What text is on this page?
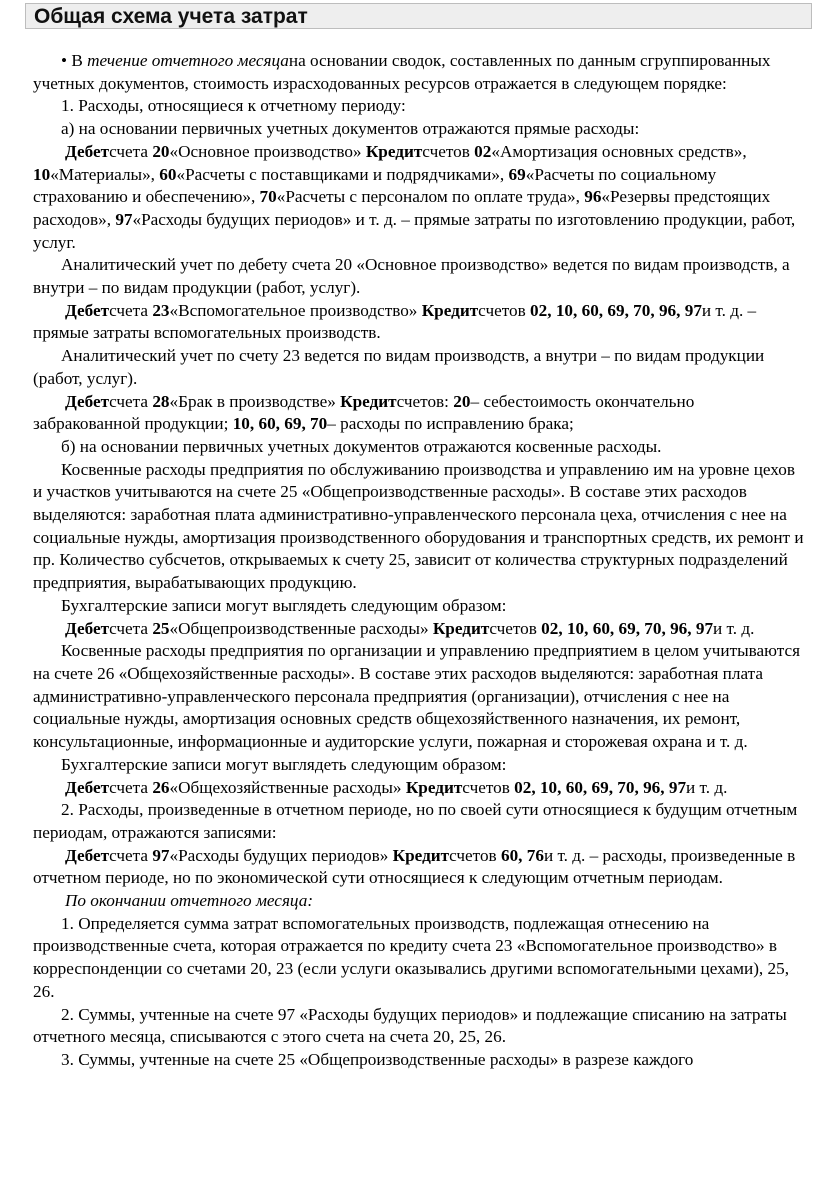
Общая схема учета затрат

• В течение отчетного месяцана основании сводок, составленных по данным сгруппированных учетных документов, стоимость израсходованных ресурсов отражается в следующем порядке:

1. Расходы, относящиеся к отчетному периоду:

а) на основании первичных учетных документов отражаются прямые расходы:

Дебетсчета 20«Основное производство» Кредитсчетов 02«Амортизация основных средств», 10«Материалы», 60«Расчеты с поставщиками и подрядчиками», 69«Расчеты по социальному страхованию и обеспечению», 70«Расчеты с персоналом по оплате труда», 96«Резервы предстоящих расходов», 97«Расходы будущих периодов» и т. д. – прямые затраты по изготовлению продукции, работ, услуг.

Аналитический учет по дебету счета 20 «Основное производство» ведется по видам производств, а внутри – по видам продукции (работ, услуг).

Дебетсчета 23«Вспомогательное производство» Кредитсчетов 02, 10, 60, 69, 70, 96, 97и т. д. – прямые затраты вспомогательных производств.

Аналитический учет по счету 23 ведется по видам производств, а внутри – по видам продукции (работ, услуг).

Дебетсчета 28«Брак в производстве» Кредитсчетов: 20– себестоимость окончательно забракованной продукции; 10, 60, 69, 70– расходы по исправлению брака;

б) на основании первичных учетных документов отражаются косвенные расходы.

Косвенные расходы предприятия по обслуживанию производства и управлению им на уровне цехов и участков учитываются на счете 25 «Общепроизводственные расходы». В составе этих расходов выделяются: заработная плата административно-управленческого персонала цеха, отчисления с нее на социальные нужды, амортизация производственного оборудования и транспортных средств, их ремонт и пр. Количество субсчетов, открываемых к счету 25, зависит от количества структурных подразделений предприятия, вырабатывающих продукцию.

Бухгалтерские записи могут выглядеть следующим образом:

Дебетсчета 25«Общепроизводственные расходы» Кредитсчетов 02, 10, 60, 69, 70, 96, 97и т. д.

Косвенные расходы предприятия по организации и управлению предприятием в целом учитываются на счете 26 «Общехозяйственные расходы». В составе этих расходов выделяются: заработная плата административно-управленческого персонала предприятия (организации), отчисления с нее на социальные нужды, амортизация основных средств общехозяйственного назначения, их ремонт, консультационные, информационные и аудиторские услуги, пожарная и сторожевая охрана и т. д.

Бухгалтерские записи могут выглядеть следующим образом:

Дебетсчета 26«Общехозяйственные расходы» Кредитсчетов 02, 10, 60, 69, 70, 96, 97и т. д.

2. Расходы, произведенные в отчетном периоде, но по своей сути относящиеся к будущим отчетным периодам, отражаются записями:

Дебетсчета 97«Расходы будущих периодов» Кредитсчетов 60, 76и т. д. – расходы, произведенные в отчетном периоде, но по экономической сути относящиеся к следующим отчетным периодам.

По окончании отчетного месяца:

1. Определяется сумма затрат вспомогательных производств, подлежащая отнесению на производственные счета, которая отражается по кредиту счета 23 «Вспомогательное производство» в корреспонденции со счетами 20, 23 (если услуги оказывались другими вспомогательными цехами), 25, 26.

2. Суммы, учтенные на счете 97 «Расходы будущих периодов» и подлежащие списанию на затраты отчетного месяца, списываются с этого счета на счета 20, 25, 26.

3. Суммы, учтенные на счете 25 «Общепроизводственные расходы» в разрезе каждого
